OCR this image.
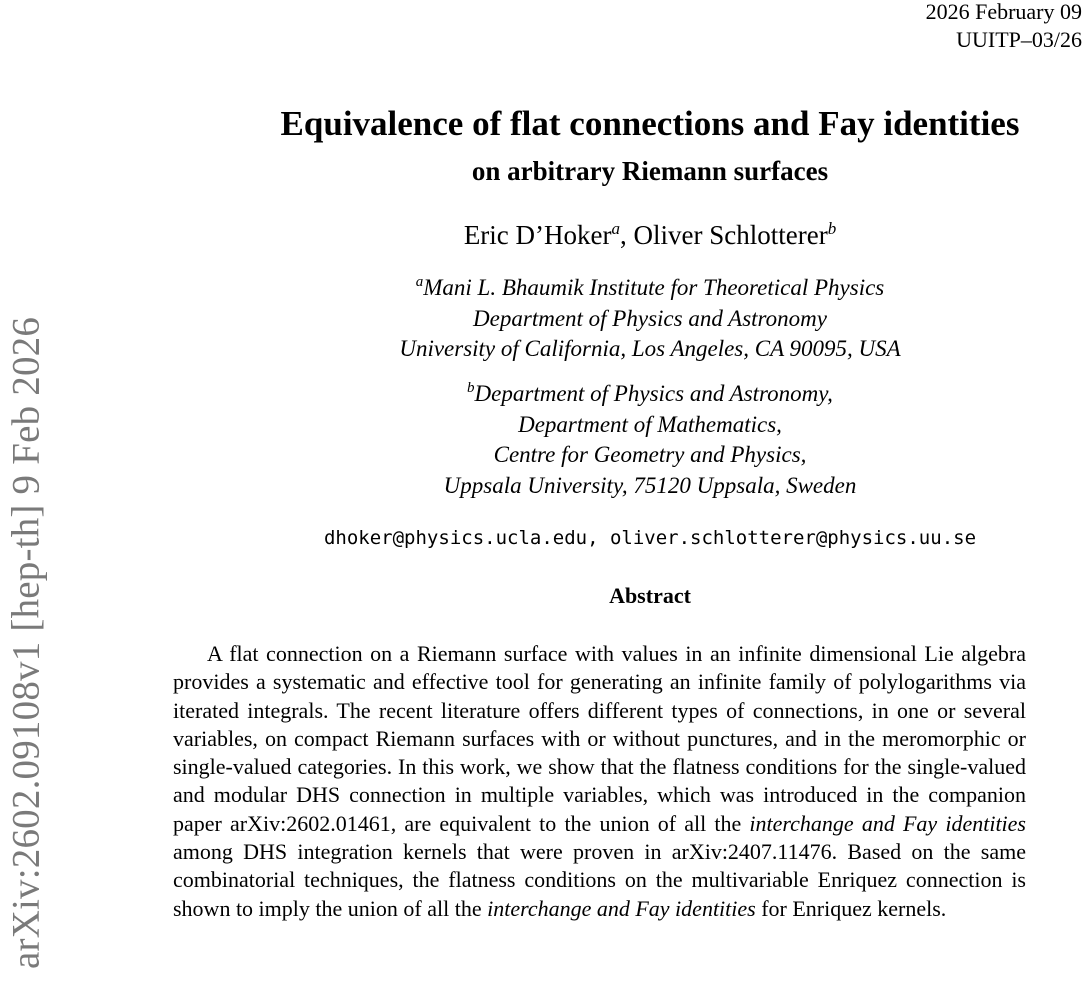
arXiv:2602.09108v1 [hep-th] 9 Feb 2026
2026 February 09
UUITP–03/26
Equivalence of flat connections and Fay identities
on arbitrary Riemann surfaces
Eric D’Hoker$^a$, Oliver Schlotterer$^b$
$^a$Mani L. Bhaumik Institute for Theoretical Physics
Department of Physics and Astronomy
University of California, Los Angeles, CA 90095, USA
$^b$Department of Physics and Astronomy,
Department of Mathematics,
Centre for Geometry and Physics,
Uppsala University, 75120 Uppsala, Sweden
dhoker@physics.ucla.edu, oliver.schlotterer@physics.uu.se
Abstract
A flat connection on a Riemann surface with values in an infinite dimensional Lie algebra provides a systematic and effective tool for generating an infinite family of polylogarithms via iterated integrals. The recent literature offers different types of connections, in one or several variables, on compact Riemann surfaces with or without punctures, and in the meromorphic or single-valued categories. In this work, we show that the flatness conditions for the single-valued and modular DHS connection in multiple variables, which was introduced in the companion paper arXiv:2602.01461, are equivalent to the union of all the interchange and Fay identities among DHS integration kernels that were proven in arXiv:2407.11476. Based on the same combinatorial techniques, the flatness conditions on the multivariable Enriquez connection is shown to imply the union of all the interchange and Fay identities for Enriquez kernels.
